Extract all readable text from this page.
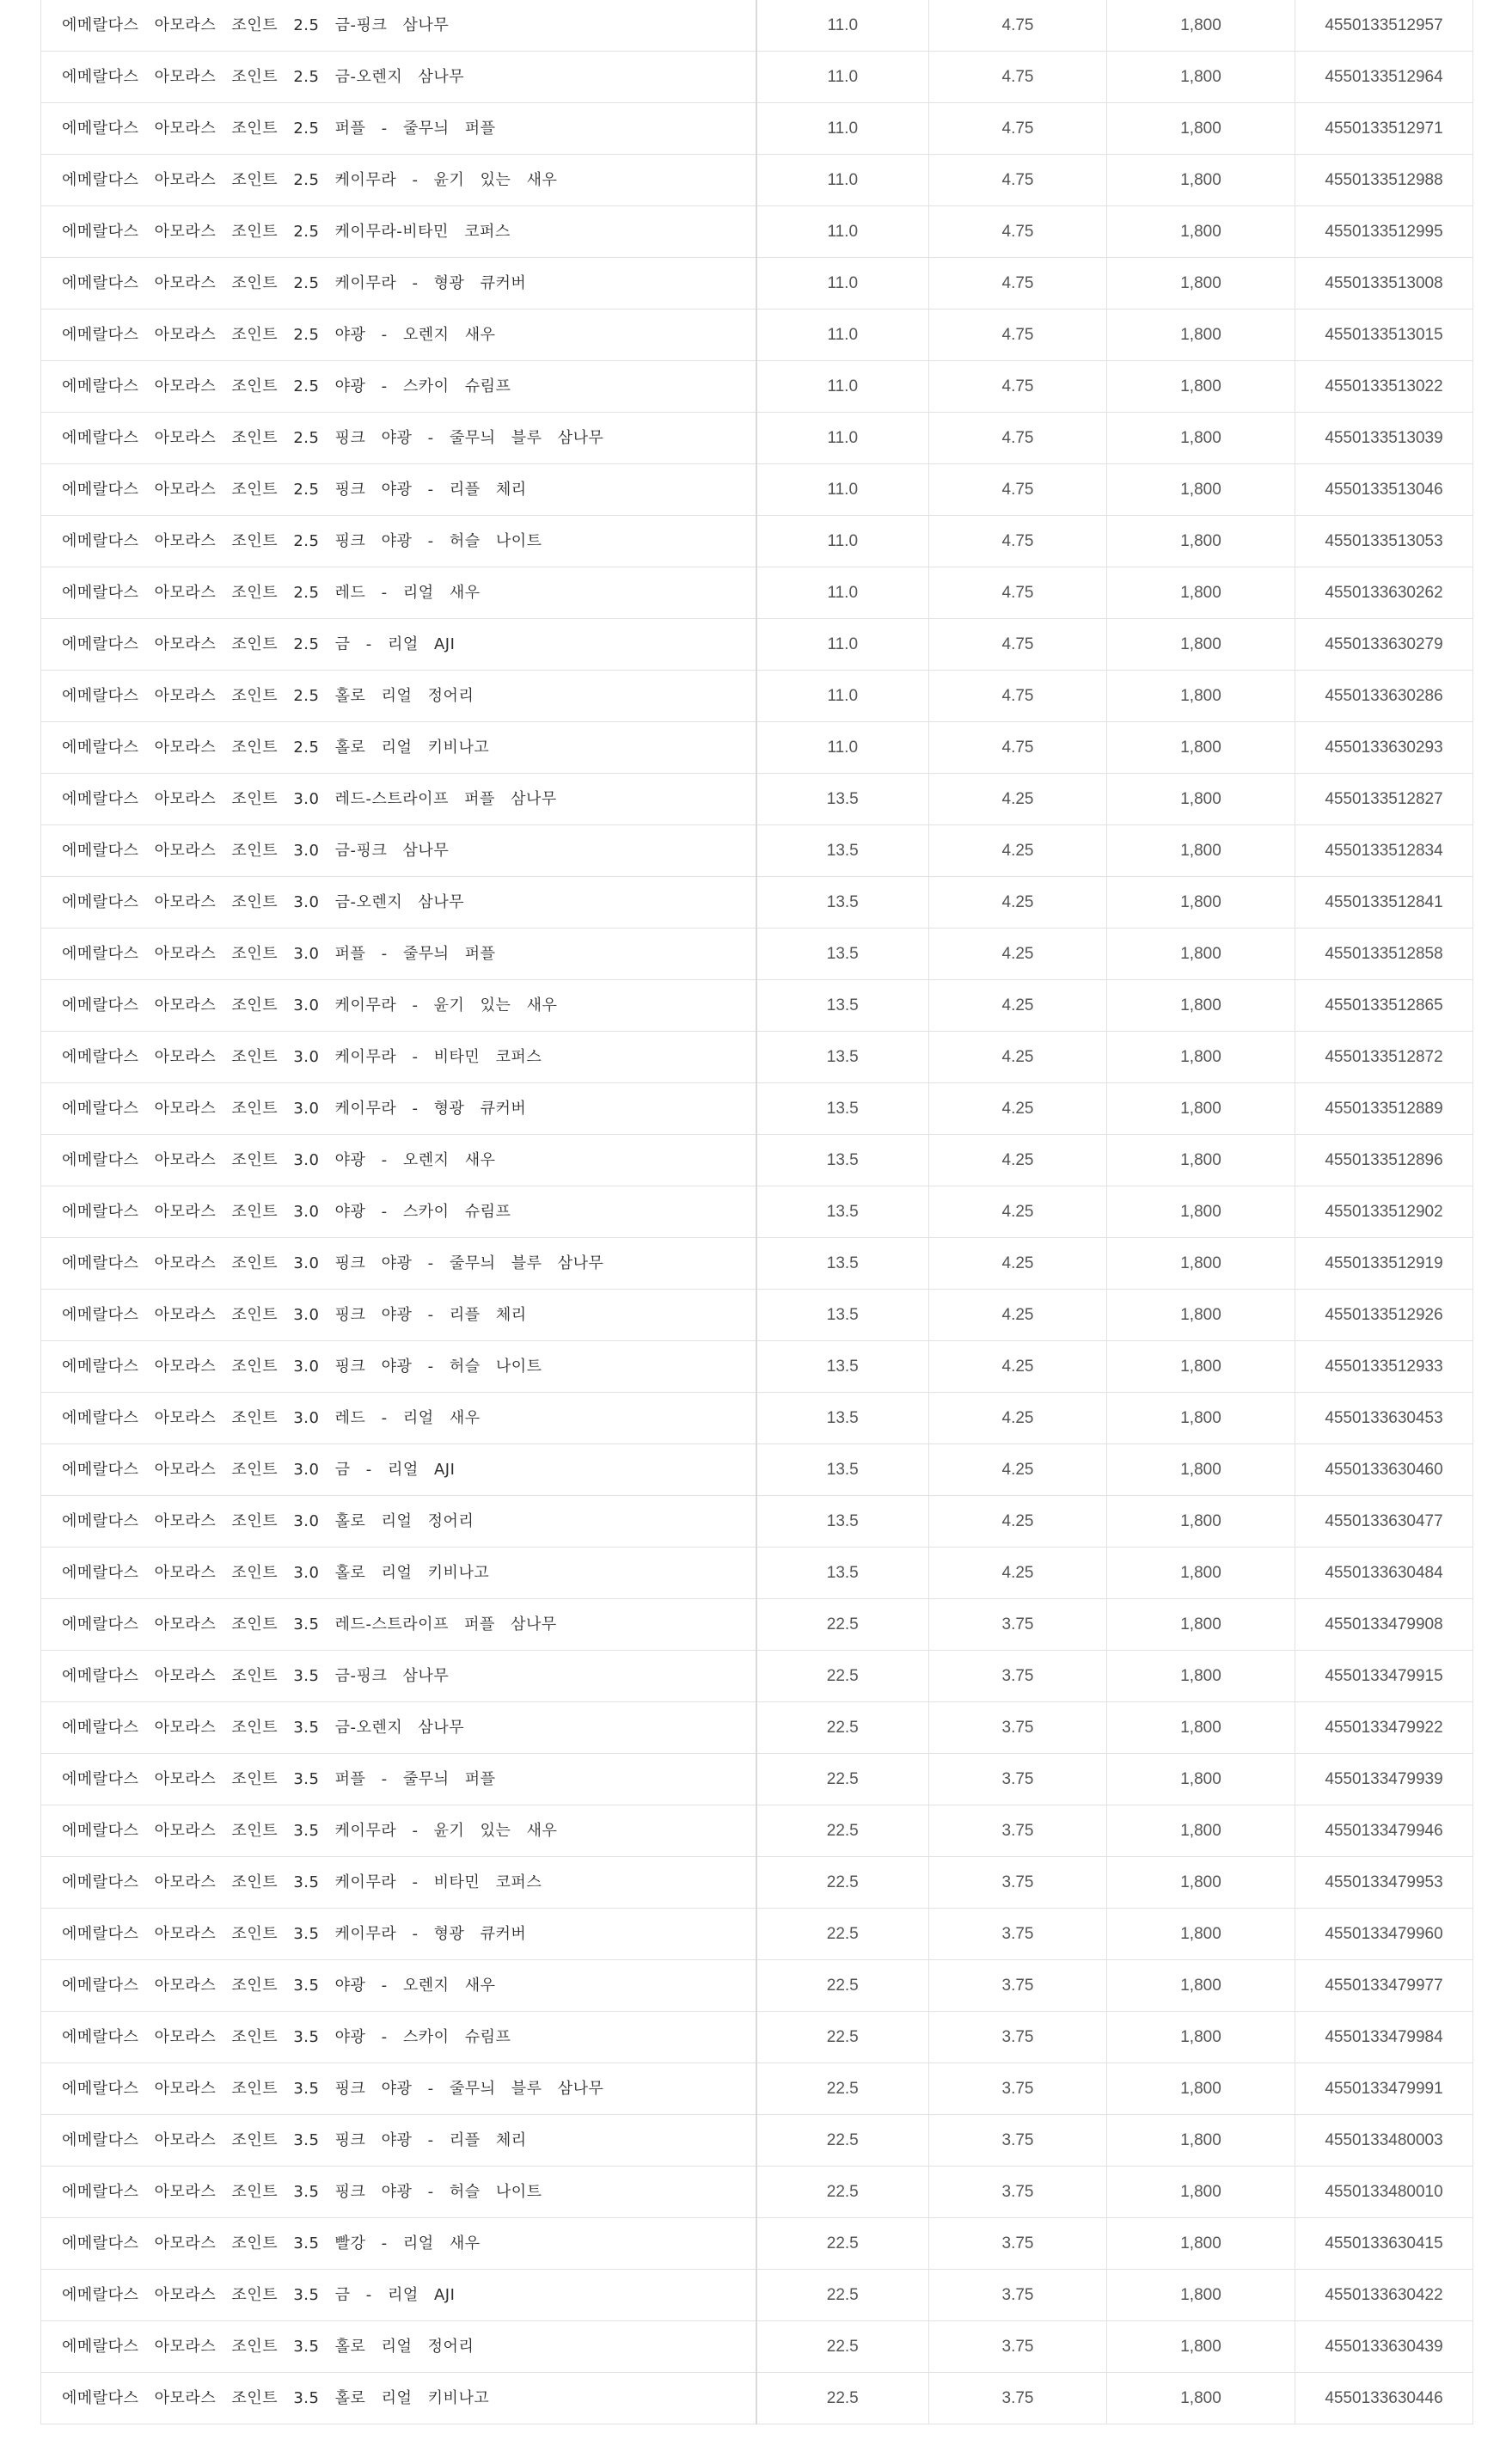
에메랄다스 아모라스 조인트 2.5 금-핑크 삼나무	11.0	4.75	1,800	4550133512957
에메랄다스 아모라스 조인트 2.5 금-오렌지 삼나무	11.0	4.75	1,800	4550133512964
에메랄다스 아모라스 조인트 2.5 퍼플 - 줄무늬 퍼플	11.0	4.75	1,800	4550133512971
에메랄다스 아모라스 조인트 2.5 케이무라 - 윤기 있는 새우	11.0	4.75	1,800	4550133512988
에메랄다스 아모라스 조인트 2.5 케이무라-비타민 코퍼스	11.0	4.75	1,800	4550133512995
에메랄다스 아모라스 조인트 2.5 케이무라 - 형광 큐커버	11.0	4.75	1,800	4550133513008
에메랄다스 아모라스 조인트 2.5 야광 - 오렌지 새우	11.0	4.75	1,800	4550133513015
에메랄다스 아모라스 조인트 2.5 야광 - 스카이 슈림프	11.0	4.75	1,800	4550133513022
에메랄다스 아모라스 조인트 2.5 핑크 야광 - 줄무늬 블루 삼나무	11.0	4.75	1,800	4550133513039
에메랄다스 아모라스 조인트 2.5 핑크 야광 - 리플 체리	11.0	4.75	1,800	4550133513046
에메랄다스 아모라스 조인트 2.5 핑크 야광 - 허슬 나이트	11.0	4.75	1,800	4550133513053
에메랄다스 아모라스 조인트 2.5 레드 - 리얼 새우	11.0	4.75	1,800	4550133630262
에메랄다스 아모라스 조인트 2.5 금 - 리얼 AJI	11.0	4.75	1,800	4550133630279
에메랄다스 아모라스 조인트 2.5 홀로 리얼 정어리	11.0	4.75	1,800	4550133630286
에메랄다스 아모라스 조인트 2.5 홀로 리얼 키비나고	11.0	4.75	1,800	4550133630293
에메랄다스 아모라스 조인트 3.0 레드-스트라이프 퍼플 삼나무	13.5	4.25	1,800	4550133512827
에메랄다스 아모라스 조인트 3.0 금-핑크 삼나무	13.5	4.25	1,800	4550133512834
에메랄다스 아모라스 조인트 3.0 금-오렌지 삼나무	13.5	4.25	1,800	4550133512841
에메랄다스 아모라스 조인트 3.0 퍼플 - 줄무늬 퍼플	13.5	4.25	1,800	4550133512858
에메랄다스 아모라스 조인트 3.0 케이무라 - 윤기 있는 새우	13.5	4.25	1,800	4550133512865
에메랄다스 아모라스 조인트 3.0 케이무라 - 비타민 코퍼스	13.5	4.25	1,800	4550133512872
에메랄다스 아모라스 조인트 3.0 케이무라 - 형광 큐커버	13.5	4.25	1,800	4550133512889
에메랄다스 아모라스 조인트 3.0 야광 - 오렌지 새우	13.5	4.25	1,800	4550133512896
에메랄다스 아모라스 조인트 3.0 야광 - 스카이 슈림프	13.5	4.25	1,800	4550133512902
에메랄다스 아모라스 조인트 3.0 핑크 야광 - 줄무늬 블루 삼나무	13.5	4.25	1,800	4550133512919
에메랄다스 아모라스 조인트 3.0 핑크 야광 - 리플 체리	13.5	4.25	1,800	4550133512926
에메랄다스 아모라스 조인트 3.0 핑크 야광 - 허슬 나이트	13.5	4.25	1,800	4550133512933
에메랄다스 아모라스 조인트 3.0 레드 - 리얼 새우	13.5	4.25	1,800	4550133630453
에메랄다스 아모라스 조인트 3.0 금 - 리얼 AJI	13.5	4.25	1,800	4550133630460
에메랄다스 아모라스 조인트 3.0 홀로 리얼 정어리	13.5	4.25	1,800	4550133630477
에메랄다스 아모라스 조인트 3.0 홀로 리얼 키비나고	13.5	4.25	1,800	4550133630484
에메랄다스 아모라스 조인트 3.5 레드-스트라이프 퍼플 삼나무	22.5	3.75	1,800	4550133479908
에메랄다스 아모라스 조인트 3.5 금-핑크 삼나무	22.5	3.75	1,800	4550133479915
에메랄다스 아모라스 조인트 3.5 금-오렌지 삼나무	22.5	3.75	1,800	4550133479922
에메랄다스 아모라스 조인트 3.5 퍼플 - 줄무늬 퍼플	22.5	3.75	1,800	4550133479939
에메랄다스 아모라스 조인트 3.5 케이무라 - 윤기 있는 새우	22.5	3.75	1,800	4550133479946
에메랄다스 아모라스 조인트 3.5 케이무라 - 비타민 코퍼스	22.5	3.75	1,800	4550133479953
에메랄다스 아모라스 조인트 3.5 케이무라 - 형광 큐커버	22.5	3.75	1,800	4550133479960
에메랄다스 아모라스 조인트 3.5 야광 - 오렌지 새우	22.5	3.75	1,800	4550133479977
에메랄다스 아모라스 조인트 3.5 야광 - 스카이 슈림프	22.5	3.75	1,800	4550133479984
에메랄다스 아모라스 조인트 3.5 핑크 야광 - 줄무늬 블루 삼나무	22.5	3.75	1,800	4550133479991
에메랄다스 아모라스 조인트 3.5 핑크 야광 - 리플 체리	22.5	3.75	1,800	4550133480003
에메랄다스 아모라스 조인트 3.5 핑크 야광 - 허슬 나이트	22.5	3.75	1,800	4550133480010
에메랄다스 아모라스 조인트 3.5 빨강 - 리얼 새우	22.5	3.75	1,800	4550133630415
에메랄다스 아모라스 조인트 3.5 금 - 리얼 AJI	22.5	3.75	1,800	4550133630422
에메랄다스 아모라스 조인트 3.5 홀로 리얼 정어리	22.5	3.75	1,800	4550133630439
에메랄다스 아모라스 조인트 3.5 홀로 리얼 키비나고	22.5	3.75	1,800	4550133630446
